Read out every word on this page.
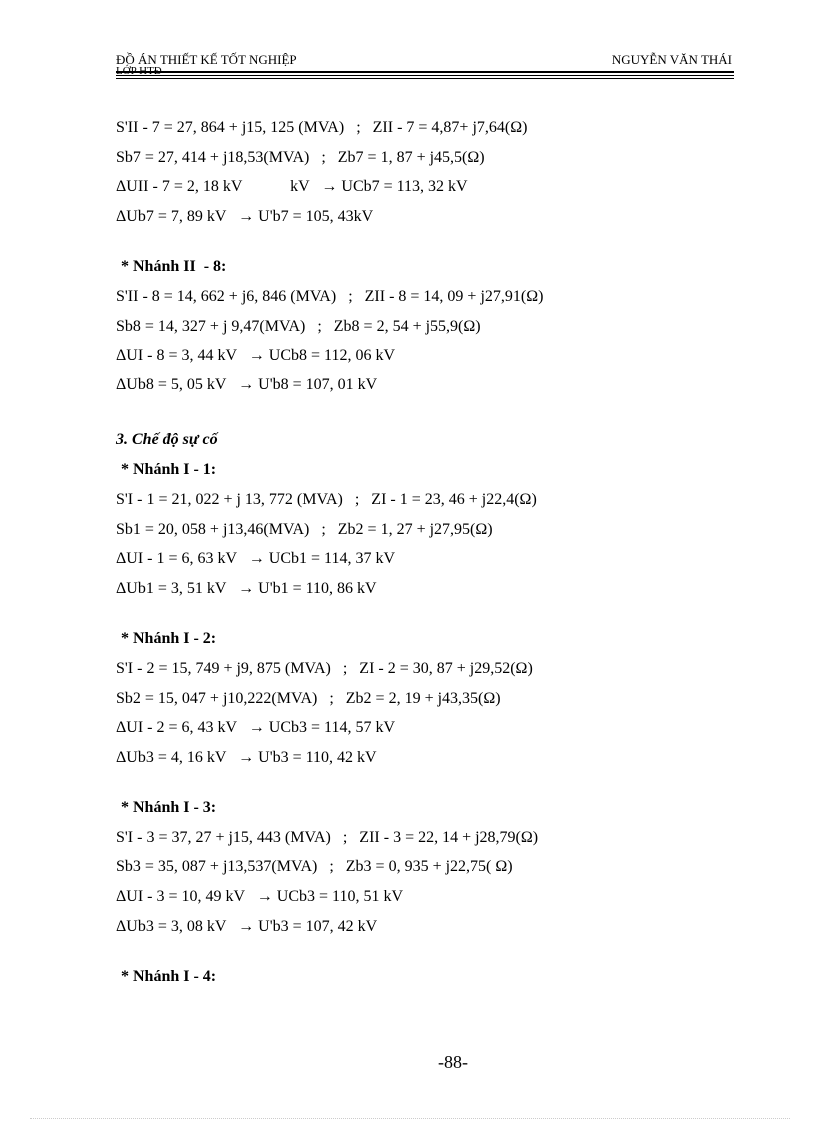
ĐỒ ÁN THIẾT KẾ TỐT NGHIỆP	NGUYỄN VĂN THÁI
LỚP HTĐ
S'II - 7 = 27, 864 + j15, 125 (MVA)   ;   ZII - 7 = 4,87+ j7,64(Ω)
Sb7 = 27, 414 + j18,53(MVA)   ;   Zb7 = 1, 87 + j45,5(Ω)
ΔUII - 7 = 2, 18 kV            kV   → UCb7 = 113, 32 kV
ΔUb7 = 7, 89 kV   → U'b7 = 105, 43kV
* Nhánh II  - 8:
S'II - 8 = 14, 662 + j6, 846 (MVA)   ;   ZII - 8 = 14, 09 + j27,91(Ω)
Sb8 = 14, 327 + j 9,47(MVA)   ;   Zb8 = 2, 54 + j55,9(Ω)
ΔUI - 8 = 3, 44 kV   → UCb8 = 112, 06 kV
ΔUb8 = 5, 05 kV   → U'b8 = 107, 01 kV
3. Chế độ sự cố
* Nhánh I - 1:
S'I - 1 = 21, 022 + j 13, 772 (MVA)   ;   ZI - 1 = 23, 46 + j22,4(Ω)
Sb1 = 20, 058 + j13,46(MVA)   ;   Zb2 = 1, 27 + j27,95(Ω)
ΔUI - 1 = 6, 63 kV   → UCb1 = 114, 37 kV
ΔUb1 = 3, 51 kV   → U'b1 = 110, 86 kV
* Nhánh I - 2:
S'I - 2 = 15, 749 + j9, 875 (MVA)   ;   ZI - 2 = 30, 87 + j29,52(Ω)
Sb2 = 15, 047 + j10,222(MVA)   ;   Zb2 = 2, 19 + j43,35(Ω)
ΔUI - 2 = 6, 43 kV   → UCb3 = 114, 57 kV
ΔUb3 = 4, 16 kV   → U'b3 = 110, 42 kV
* Nhánh I - 3:
S'I - 3 = 37, 27 + j15, 443 (MVA)   ;   ZII - 3 = 22, 14 + j28,79(Ω)
Sb3 = 35, 087 + j13,537(MVA)   ;   Zb3 = 0, 935 + j22,75( Ω)
ΔUI - 3 = 10, 49 kV   → UCb3 = 110, 51 kV
ΔUb3 = 3, 08 kV   → U'b3 = 107, 42 kV
* Nhánh I - 4:
-88-
